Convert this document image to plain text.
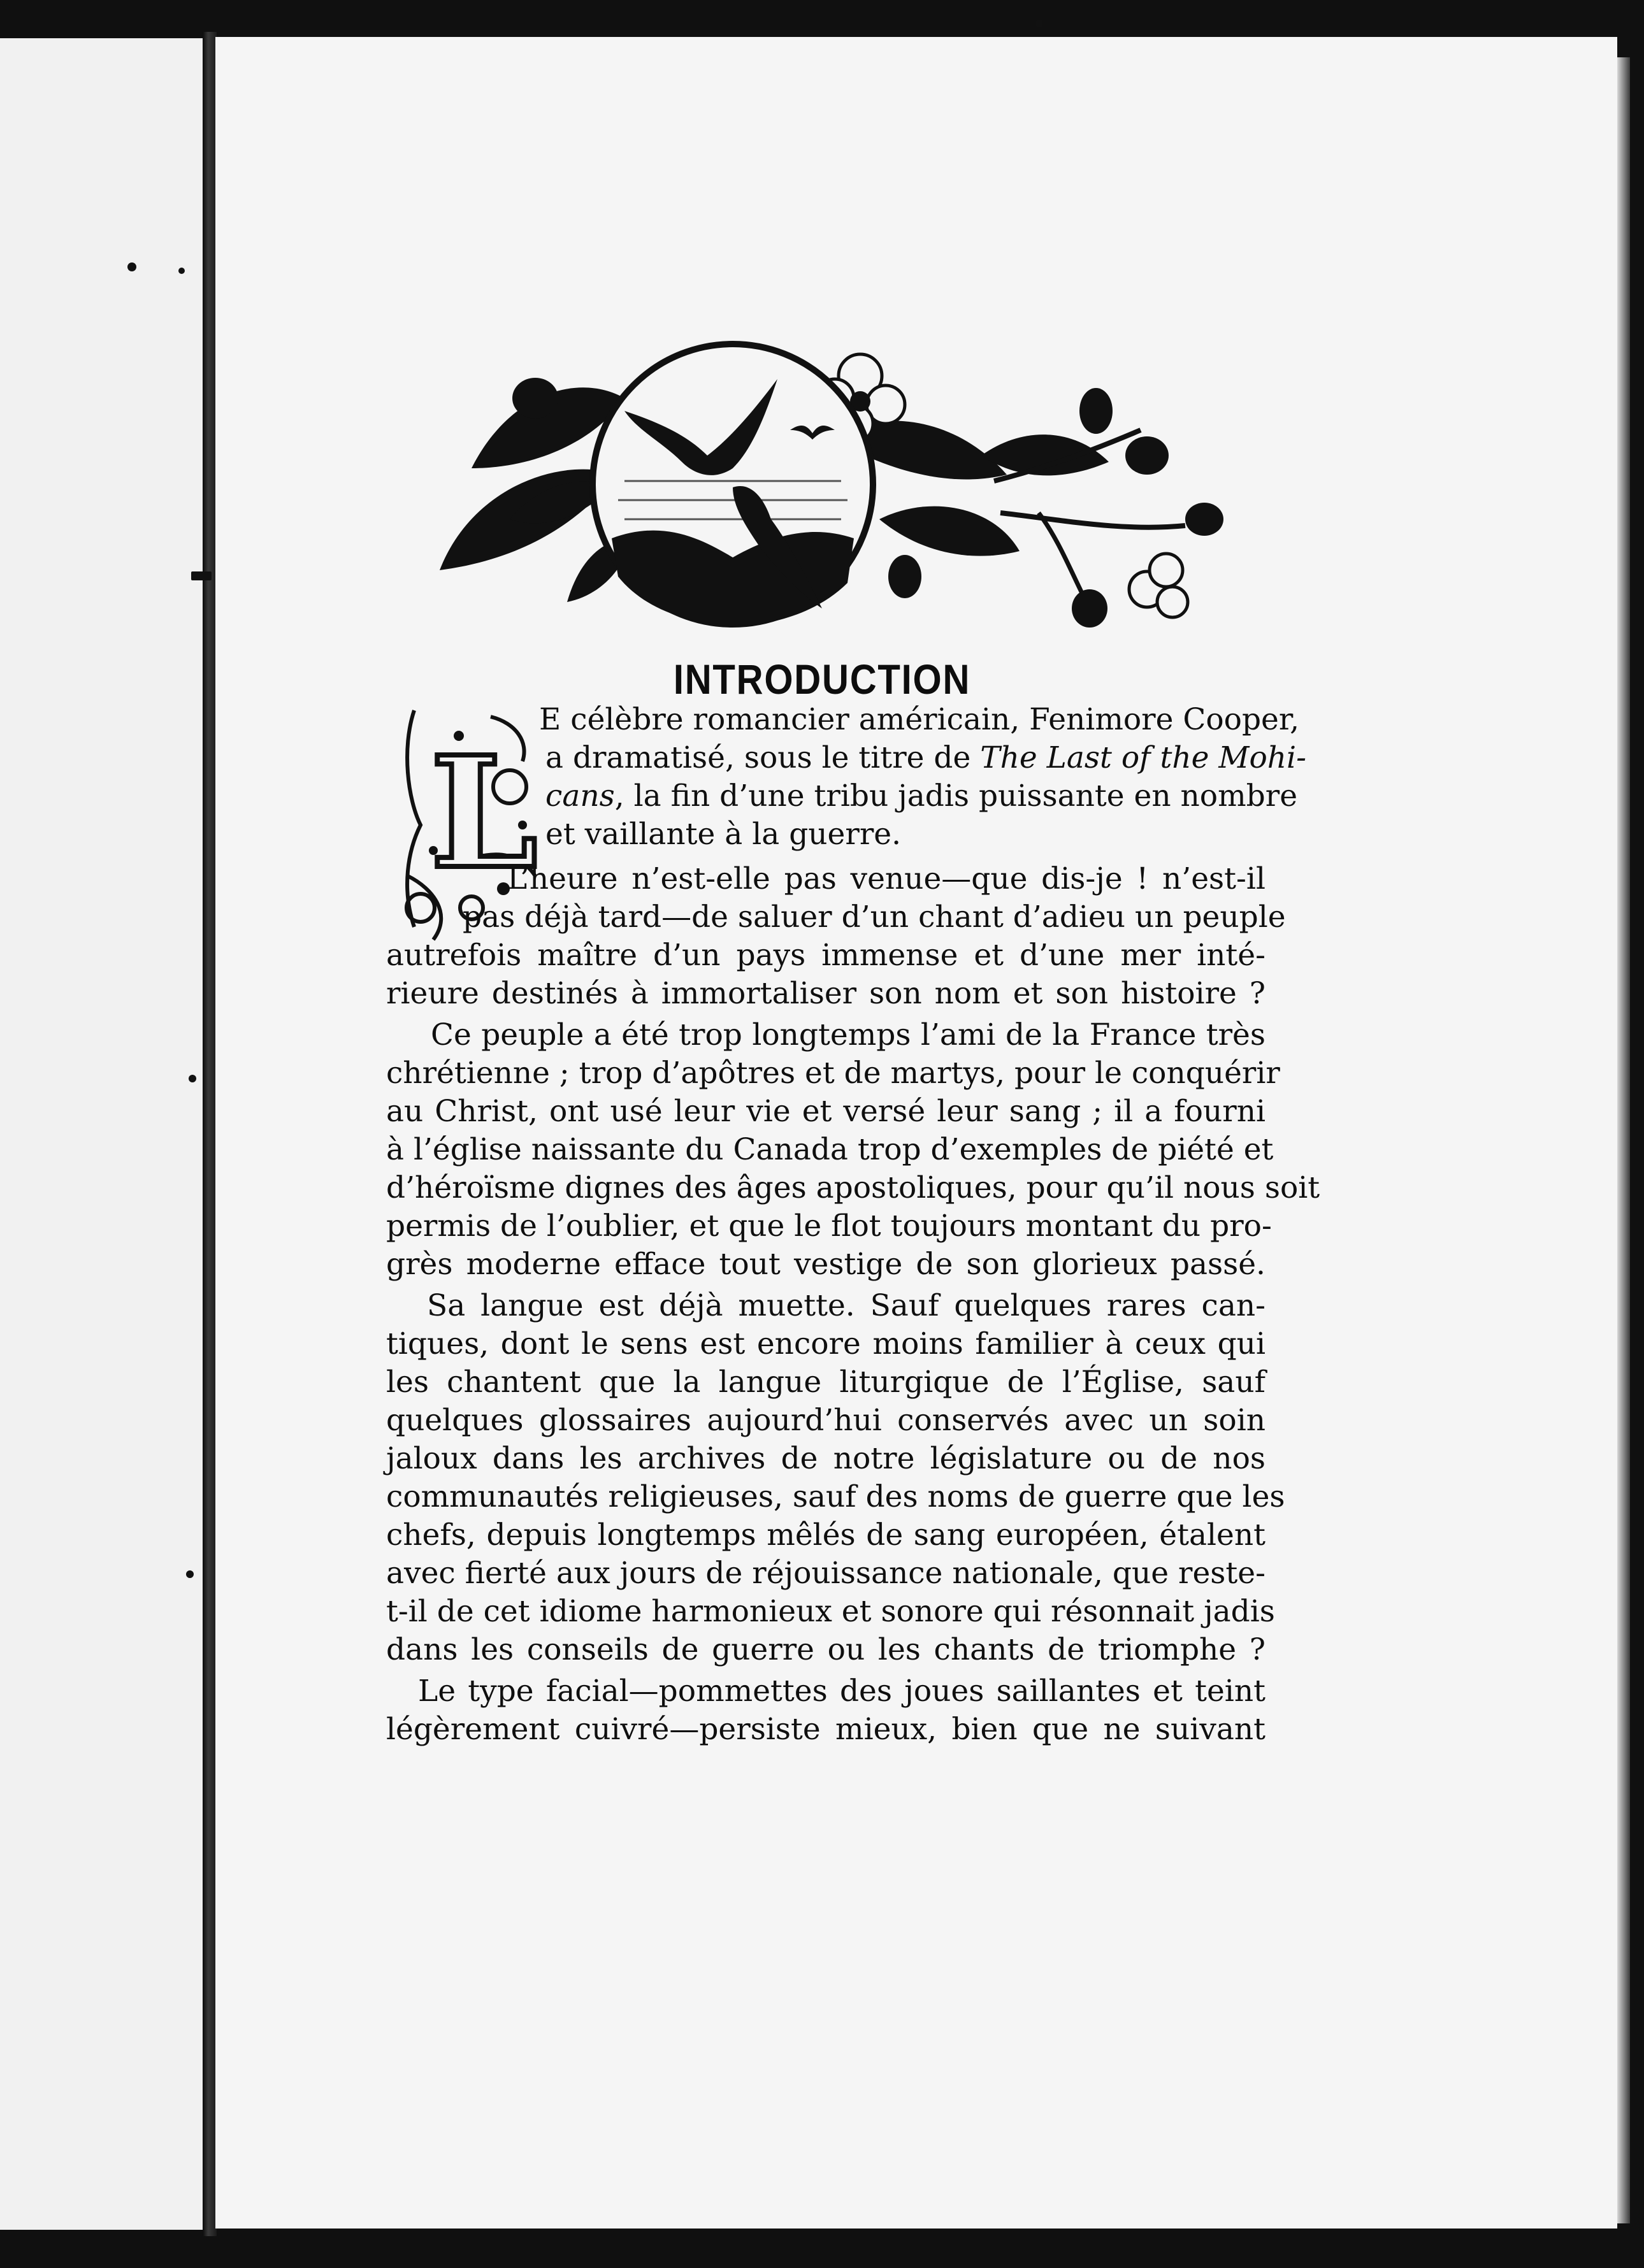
INTRODUCTION
L
E célèbre romancier américain, Fenimore Cooper,
a dramatisé, sous le titre de The Last of the Mohi-
cans, la fin d’une tribu jadis puissante en nombre
et vaillante à la guerre.
L’heure n’est-elle pas venue—que dis-je ! n’est-il
pas déjà tard—de saluer d’un chant d’adieu un peuple
autrefois maître d’un pays immense et d’une mer inté-
rieure destinés à immortaliser son nom et son histoire ?
Ce peuple a été trop longtemps l’ami de la France très
chrétienne ; trop d’apôtres et de martys, pour le conquérir
au Christ, ont usé leur vie et versé leur sang ; il a fourni
à l’église naissante du Canada trop d’exemples de piété et
d’héroïsme dignes des âges apostoliques, pour qu’il nous soit
permis de l’oublier, et que le flot toujours montant du pro-
grès moderne efface tout vestige de son glorieux passé.
Sa langue est déjà muette. Sauf quelques rares can-
tiques, dont le sens est encore moins familier à ceux qui
les chantent que la langue liturgique de l’Église, sauf
quelques glossaires aujourd’hui conservés avec un soin
jaloux dans les archives de notre législature ou de nos
communautés religieuses, sauf des noms de guerre que les
chefs, depuis longtemps mêlés de sang européen, étalent
avec fierté aux jours de réjouissance nationale, que reste-
t-il de cet idiome harmonieux et sonore qui résonnait jadis
dans les conseils de guerre ou les chants de triomphe ?
Le type facial—pommettes des joues saillantes et teint
légèrement cuivré—persiste mieux, bien que ne suivant
